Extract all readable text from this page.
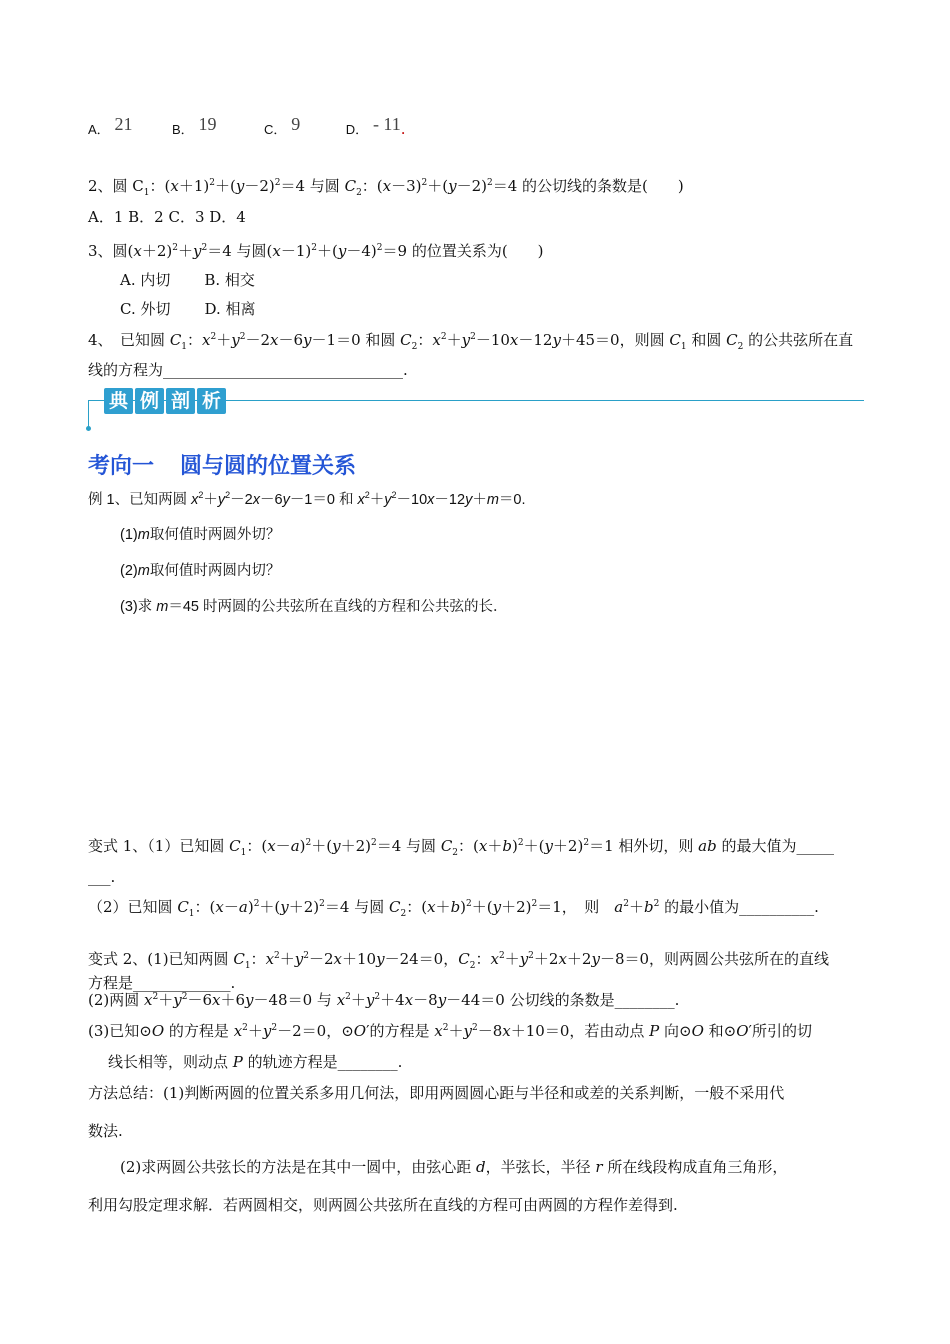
A． 21	B． 19	C． 9	D． - 11.
2、圆 $C_1$：$(x+1)^2+(y-2)^2=4$ 与圆 $C_2$：$(x-3)^2+(y-2)^2=4$ 的公切线的条数是(　　)
A．1 B．2 C．3 D．4
3、圆$(x+2)^2+y^2=4$ 与圆$(x-1)^2+(y-4)^2=9$ 的位置关系为(　　)
A. 内切 B. 相交
C. 外切 D. 相离
4、　已知圆 $C_1$：$x^2+y^2-2x-6y-1=0$ 和圆 $C_2$：$x^2+y^2-10x-12y+45=0$，则圆 $C_1$ 和圆 $C_2$ 的公共弦所在直
线的方程为________________________________.
典 例 剖 析
考向一 圆与圆的位置关系
例 1、已知两圆 $x^2+y^2-2x-6y-1=0$ 和 $x^2+y^2-10x-12y+m=0$.
(1)m取何值时两圆外切？
(2)m取何值时两圆内切？
(3)求 m＝45 时两圆的公共弦所在直线的方程和公共弦的长．
变式 1、（1）已知圆 $C_1$：$(x-a)^2+(y+2)^2=4$ 与圆 $C_2$：$(x+b)^2+(y+2)^2=1$ 相外切，则 ab 的最大值为_____
___.
（2）已知圆 $C_1$：$(x-a)^2+(y+2)^2=4$ 与圆 $C_2$：$(x+b)^2+(y+2)^2=1$，　则　$a^2+b^2$ 的最小值为__________.
变式 2、(1)已知两圆 $C_1$：$x^2+y^2-2x+10y-24=0$，$C_2$：$x^2+y^2+2x+2y-8=0$，则两圆公共弦所在的直线
方程是_____________.
(2)两圆 $x^2+y^2-6x+6y-48=0$ 与 $x^2+y^2+4x-8y-44=0$ 公切线的条数是________.
(3)已知⊙O 的方程是 $x^2+y^2-2=0$，⊙O′的方程是 $x^2+y^2-8x+10=0$，若由动点 P 向⊙O 和⊙O′所引的切
线长相等，则动点 P 的轨迹方程是________.
方法总结：(1)判断两圆的位置关系多用几何法，即用两圆圆心距与半径和或差的关系判断，一般不采用代
数法.
(2)求两圆公共弦长的方法是在其中一圆中，由弦心距 d，半弦长，半径 r 所在线段构成直角三角形，
利用勾股定理求解．若两圆相交，则两圆公共弦所在直线的方程可由两圆的方程作差得到.
